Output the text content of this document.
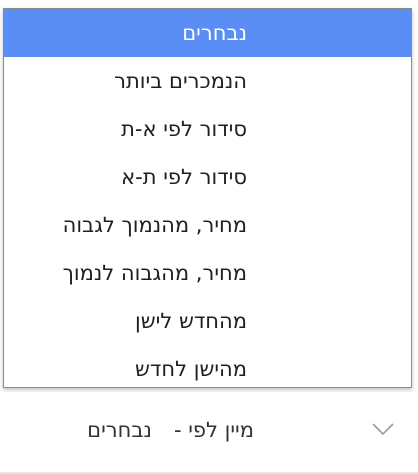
נבחרים
הנמכרים ביותר
סידור לפי א-ת
סידור לפי ת-א
מחיר, מהנמוך לגבוה
מחיר, מהגבוה לנמוך
מהחדש לישן
מהישן לחדש
מיין לפי -נבחרים
